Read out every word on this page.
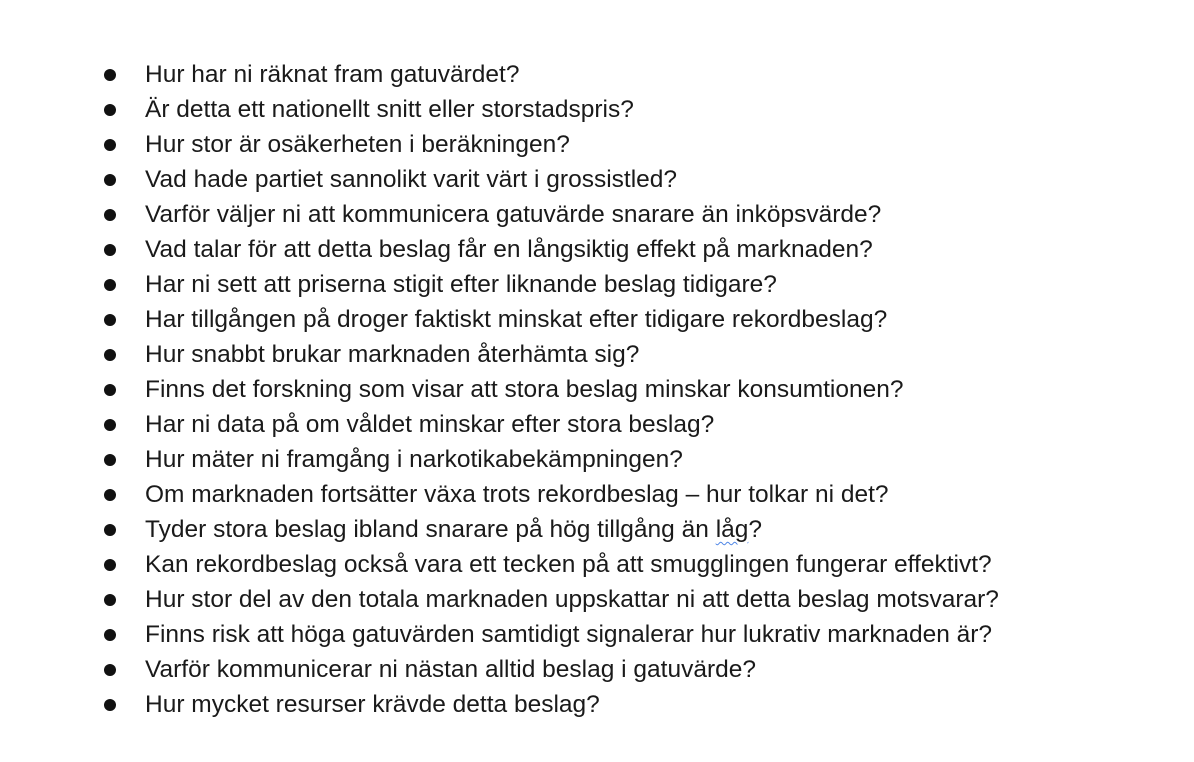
Hur har ni räknat fram gatuvärdet?
Är detta ett nationellt snitt eller storstadspris?
Hur stor är osäkerheten i beräkningen?
Vad hade partiet sannolikt varit värt i grossistled?
Varför väljer ni att kommunicera gatuvärde snarare än inköpsvärde?
Vad talar för att detta beslag får en långsiktig effekt på marknaden?
Har ni sett att priserna stigit efter liknande beslag tidigare?
Har tillgången på droger faktiskt minskat efter tidigare rekordbeslag?
Hur snabbt brukar marknaden återhämta sig?
Finns det forskning som visar att stora beslag minskar konsumtionen?
Har ni data på om våldet minskar efter stora beslag?
Hur mäter ni framgång i narkotikabekämpningen?
Om marknaden fortsätter växa trots rekordbeslag – hur tolkar ni det?
Tyder stora beslag ibland snarare på hög tillgång än låg?
Kan rekordbeslag också vara ett tecken på att smugglingen fungerar effektivt?
Hur stor del av den totala marknaden uppskattar ni att detta beslag motsvarar?
Finns risk att höga gatuvärden samtidigt signalerar hur lukrativ marknaden är?
Varför kommunicerar ni nästan alltid beslag i gatuvärde?
Hur mycket resurser krävde detta beslag?
